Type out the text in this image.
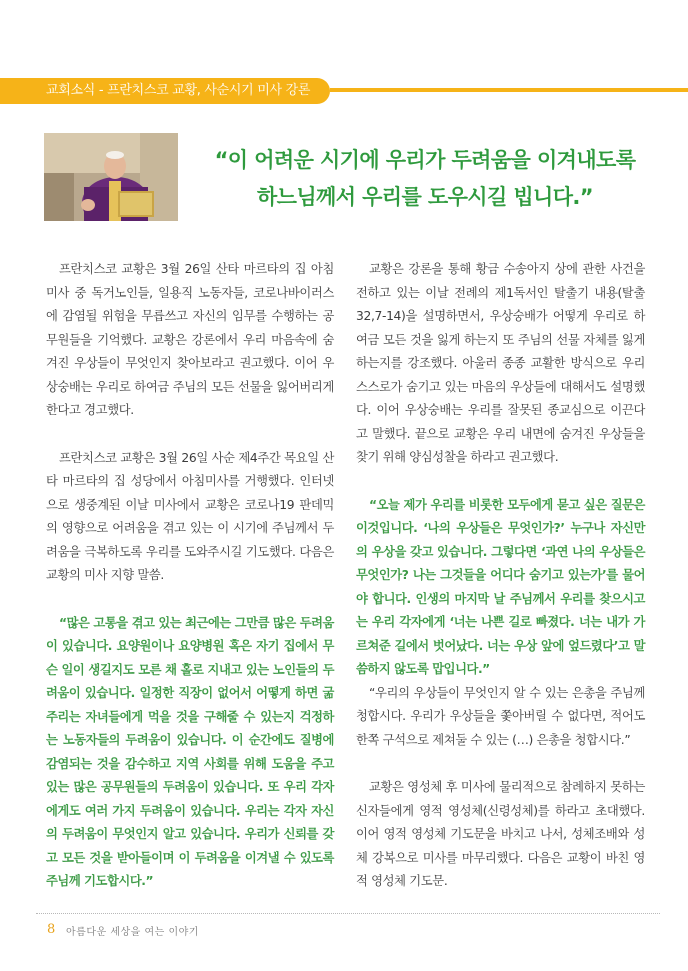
교회소식 - 프란치스코 교황, 사순시기 미사 강론
“이 어려운 시기에 우리가 두려움을 이겨내도록
하느님께서 우리를 도우시길 빕니다.”

프란치스코 교황은 3월 26일 산타 마르타의 집 아침미사 중 독거노인들, 일용직 노동자들, 코로나바이러스에 감염될 위험을 무릅쓰고 자신의 임무를 수행하는 공무원들을 기억했다. 교황은 강론에서 우리 마음속에 숨겨진 우상들이 무엇인지 찾아보라고 권고했다. 이어 우상숭배는 우리로 하여금 주님의 모든 선물을 잃어버리게 한다고 경고했다.

프란치스코 교황은 3월 26일 사순 제4주간 목요일 산타 마르타의 집 성당에서 아침미사를 거행했다. 인터넷으로 생중계된 이날 미사에서 교황은 코로나19 판데믹의 영향으로 어려움을 겪고 있는 이 시기에 주님께서 두려움을 극복하도록 우리를 도와주시길 기도했다. 다음은 교황의 미사 지향 말씀.

“많은 고통을 겪고 있는 최근에는 그만큼 많은 두려움이 있습니다. 요양원이나 요양병원 혹은 자기 집에서 무슨 일이 생길지도 모른 채 홀로 지내고 있는 노인들의 두려움이 있습니다. 일정한 직장이 없어서 어떻게 하면 굶주리는 자녀들에게 먹을 것을 구해줄 수 있는지 걱정하는 노동자들의 두려움이 있습니다. 이 순간에도 질병에 감염되는 것을 감수하고 지역 사회를 위해 도움을 주고 있는 많은 공무원들의 두려움이 있습니다. 또 우리 각자에게도 여러 가지 두려움이 있습니다. 우리는 각자 자신의 두려움이 무엇인지 알고 있습니다. 우리가 신뢰를 갖고 모든 것을 받아들이며 이 두려움을 이겨낼 수 있도록 주님께 기도합시다.”

교황은 강론을 통해 황금 수송아지 상에 관한 사건을 전하고 있는 이날 전례의 제1독서인 탈출기 내용(탈출 32,7-14)을 설명하면서, 우상숭배가 어떻게 우리로 하여금 모든 것을 잃게 하는지 또 주님의 선물 자체를 잃게 하는지를 강조했다. 아울러 종종 교활한 방식으로 우리 스스로가 숨기고 있는 마음의 우상들에 대해서도 설명했다. 이어 우상숭배는 우리를 잘못된 종교심으로 이끈다고 말했다. 끝으로 교황은 우리 내면에 숨겨진 우상들을 찾기 위해 양심성찰을 하라고 권고했다.

“오늘 제가 우리를 비롯한 모두에게 묻고 싶은 질문은 이것입니다. ‘나의 우상들은 무엇인가?’ 누구나 자신만의 우상을 갖고 있습니다. 그렇다면 ‘과연 나의 우상들은 무엇인가? 나는 그것들을 어디다 숨기고 있는가’를 물어야 합니다. 인생의 마지막 날 주님께서 우리를 찾으시고는 우리 각자에게 ‘너는 나쁜 길로 빠졌다. 너는 내가 가르쳐준 길에서 벗어났다. 너는 우상 앞에 엎드렸다’고 말씀하지 않도록 맙입니다.”

“우리의 우상들이 무엇인지 알 수 있는 은총을 주님께 청합시다. 우리가 우상들을 쫓아버릴 수 없다면, 적어도 한쪽 구석으로 제쳐둘 수 있는 (…) 은총을 청합시다.”

교황은 영성체 후 미사에 물리적으로 참례하지 못하는 신자들에게 영적 영성체(신령성체)를 하라고 초대했다. 이어 영적 영성체 기도문을 바치고 나서, 성체조배와 성체 강복으로 미사를 마무리했다. 다음은 교황이 바친 영적 영성체 기도문.

8 아름다운 세상을 여는 이야기
